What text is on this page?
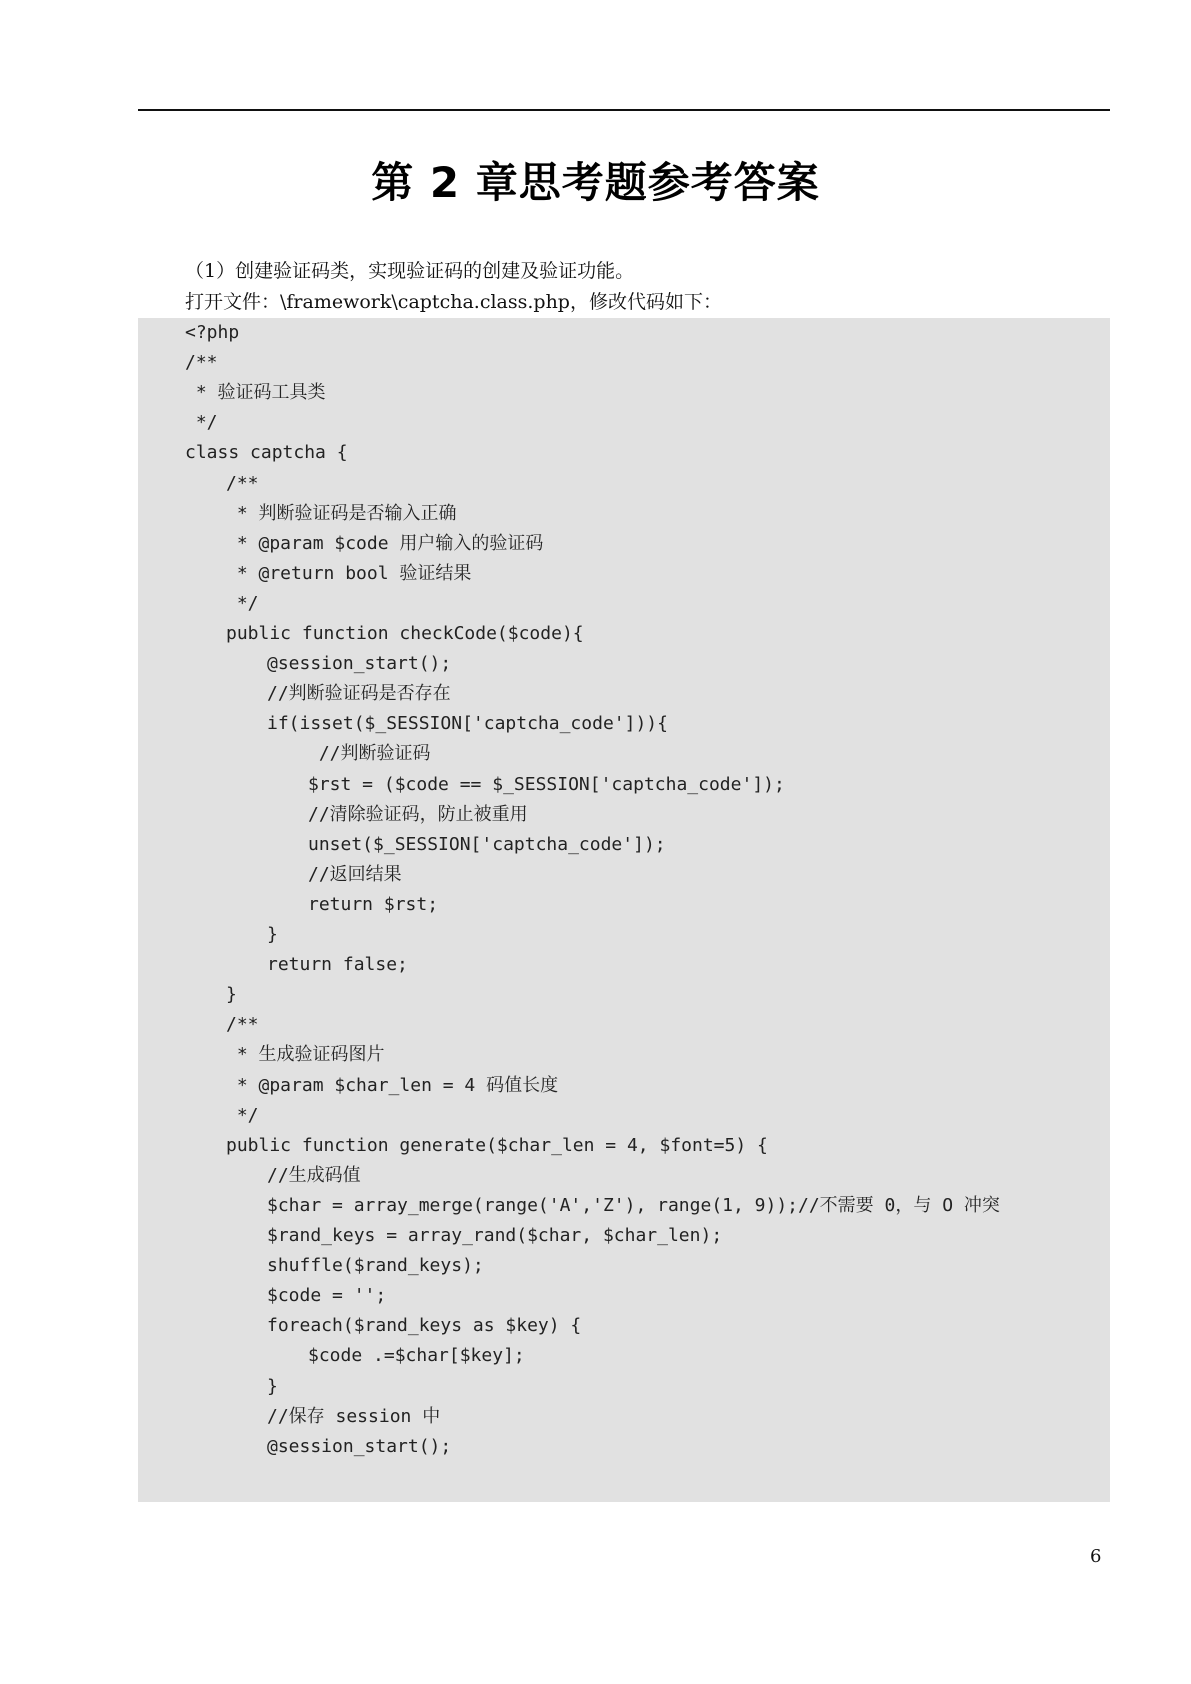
第 2 章思考题参考答案
（1）创建验证码类，实现验证码的创建及验证功能。
打开文件：\framework\captcha.class.php，修改代码如下：
<?php
/**
* 验证码工具类
*/
class captcha {
/**
* 判断验证码是否输入正确
* @param $code 用户输入的验证码
* @return bool 验证结果
*/
public function checkCode($code){
@session_start();
//判断验证码是否存在
if(isset($_SESSION['captcha_code'])){
//判断验证码
$rst = ($code == $_SESSION['captcha_code']);
//清除验证码，防止被重用
unset($_SESSION['captcha_code']);
//返回结果
return $rst;
}
return false;
}
/**
* 生成验证码图片
* @param $char_len = 4 码值长度
*/
public function generate($char_len = 4, $font=5) {
//生成码值
$char = array_merge(range('A','Z'), range(1, 9));//不需要 0，与 O 冲突
$rand_keys = array_rand($char, $char_len);
shuffle($rand_keys);
$code = '';
foreach($rand_keys as $key) {
$code .=$char[$key];
}
//保存 session 中
@session_start();
6
